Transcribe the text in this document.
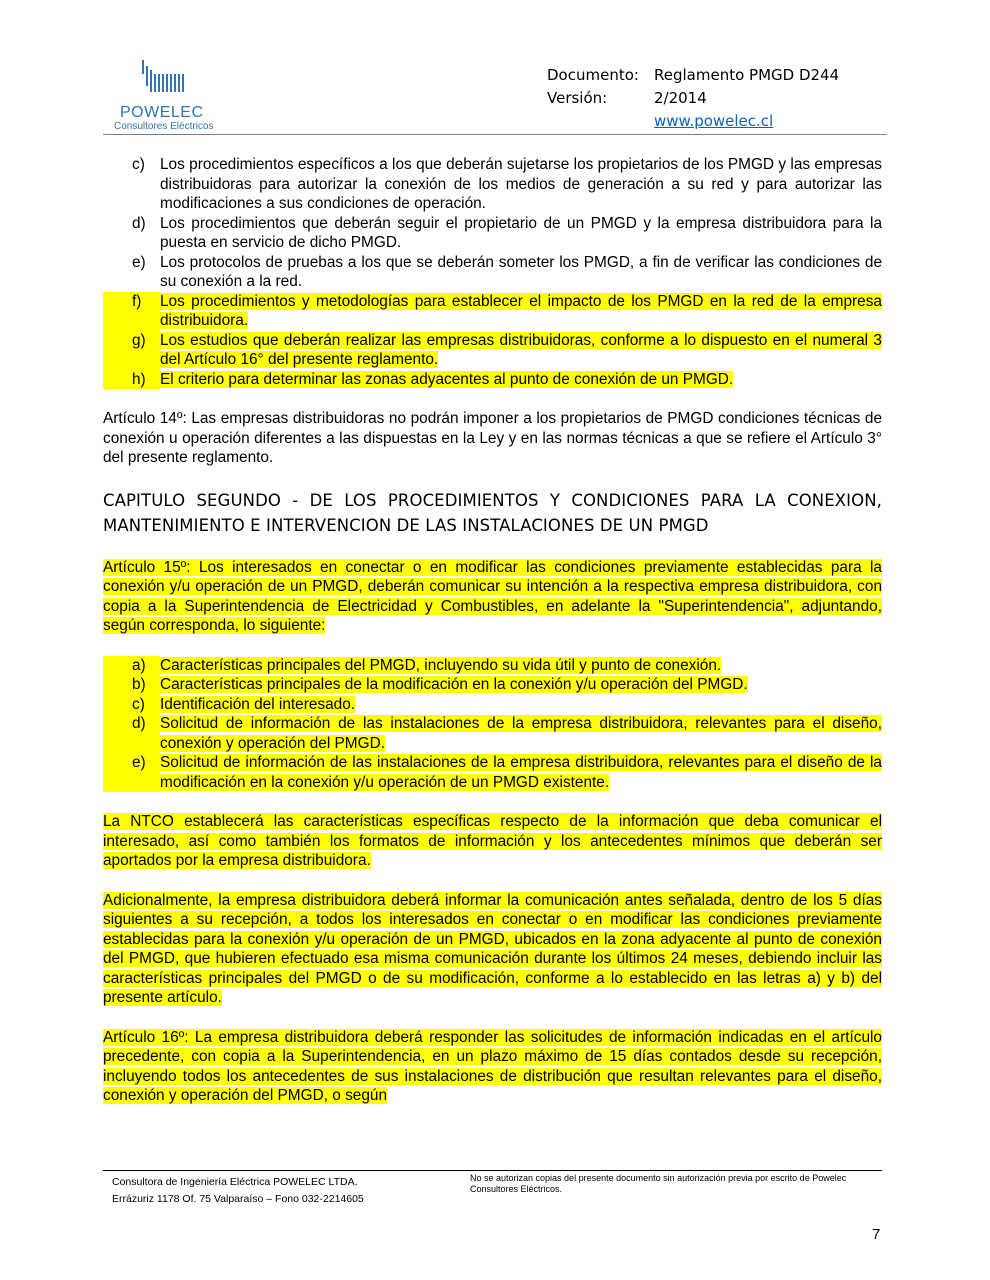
POWELEC
Consultores Eléctricos
Documento:	Reglamento PMGD D244
Versión:	2/2014
www.powelec.cl
c) Los procedimientos específicos a los que deberán sujetarse los propietarios de los PMGD y las empresas distribuidoras para autorizar la conexión de los medios de generación a su red y para autorizar las modificaciones a sus condiciones de operación.
d) Los procedimientos que deberán seguir el propietario de un PMGD y la empresa distribuidora para la puesta en servicio de dicho PMGD.
e) Los protocolos de pruebas a los que se deberán someter los PMGD, a fin de verificar las condiciones de su conexión a la red.
f)	Los procedimientos y metodologías para establecer el impacto de los PMGD en la red de la empresa distribuidora.
g) Los estudios que deberán realizar las empresas distribuidoras, conforme a lo dispuesto en el numeral 3 del Artículo 16° del presente reglamento.
h) El criterio para determinar las zonas adyacentes al punto de conexión de un PMGD.

Artículo 14º: Las empresas distribuidoras no podrán imponer a los propietarios de PMGD condiciones técnicas de conexión u operación diferentes a las dispuestas en la Ley y en las normas técnicas a que se refiere el Artículo 3° del presente reglamento.

CAPITULO SEGUNDO - DE LOS PROCEDIMIENTOS Y CONDICIONES PARA LA CONEXION, MANTENIMIENTO E INTERVENCION DE LAS INSTALACIONES DE UN PMGD

Artículo 15º: Los interesados en conectar o en modificar las condiciones previamente establecidas para la conexión y/u operación de un PMGD, deberán comunicar su intención a la respectiva empresa distribuidora, con copia a la Superintendencia de Electricidad y Combustibles, en adelante la "Superintendencia", adjuntando, según corresponda, lo siguiente:

a) Características principales del PMGD, incluyendo su vida útil y punto de conexión.
b) Características principales de la modificación en la conexión y/u operación del PMGD.
c) Identificación del interesado.
d) Solicitud de información de las instalaciones de la empresa distribuidora, relevantes para el diseño, conexión y operación del PMGD.
e) Solicitud de información de las instalaciones de la empresa distribuidora, relevantes para el diseño de la modificación en la conexión y/u operación de un PMGD existente.

La NTCO establecerá las características específicas respecto de la información que deba comunicar el interesado, así como también los formatos de información y los antecedentes mínimos que deberán ser aportados por la empresa distribuidora.

Adicionalmente, la empresa distribuidora deberá informar la comunicación antes señalada, dentro de los 5 días siguientes a su recepción, a todos los interesados en conectar o en modificar las condiciones previamente establecidas para la conexión y/u operación de un PMGD, ubicados en la zona adyacente al punto de conexión del PMGD, que hubieren efectuado esa misma comunicación durante los últimos 24 meses, debiendo incluir las características principales del PMGD o de su modificación, conforme a lo establecido en las letras a) y b) del presente artículo.

Artículo 16º: La empresa distribuidora deberá responder las solicitudes de información indicadas en el artículo precedente, con copia a la Superintendencia, en un plazo máximo de 15 días contados desde su recepción, incluyendo todos los antecedentes de sus instalaciones de distribución que resultan relevantes para el diseño, conexión y operación del PMGD, o según

Consultora de Ingeniería Eléctrica POWELEC LTDA.
Errázuriz 1178 Of. 75 Valparaíso – Fono 032-2214605
No se autorizan copias del presente documento sin autorización previa por escrito de Powelec Consultores Eléctricos.
7
